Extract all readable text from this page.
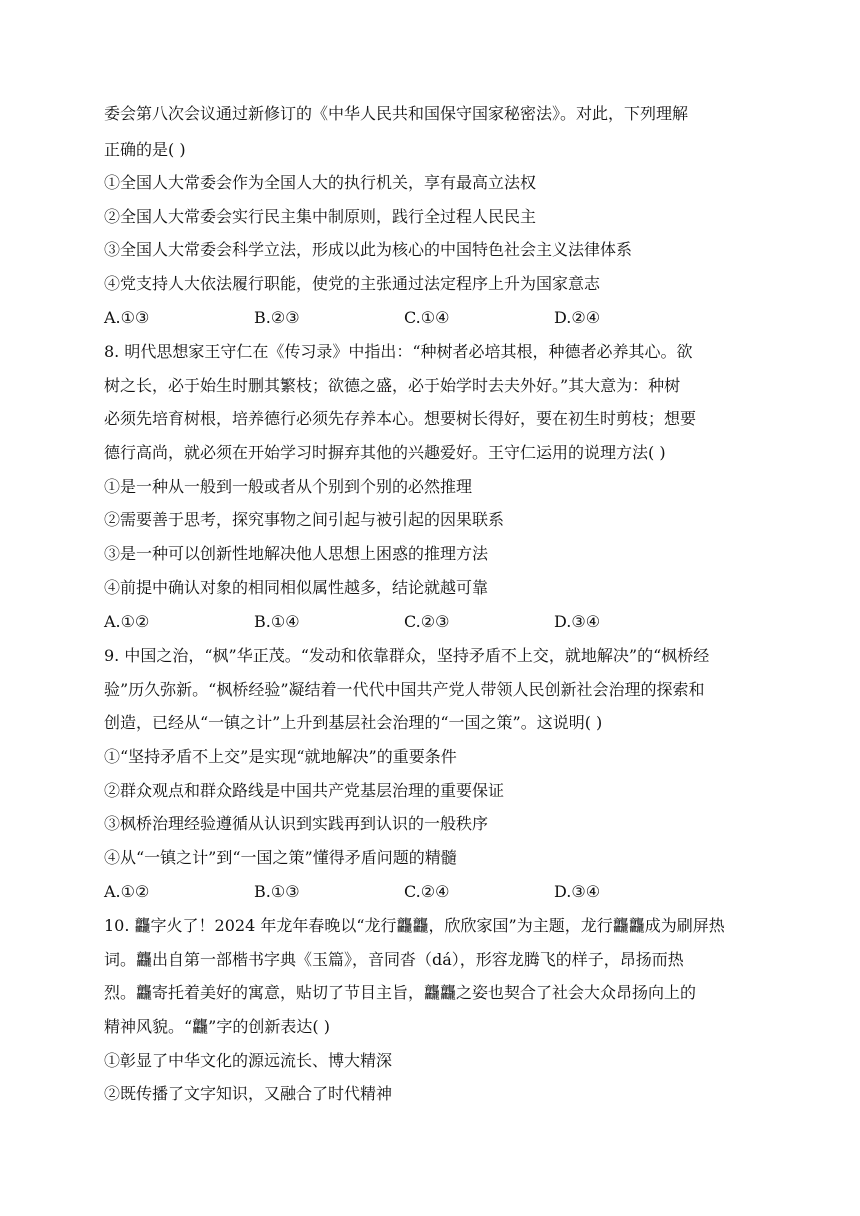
委会第八次会议通过新修订的《中华人民共和国保守国家秘密法》。对此，下列理解
正确的是( )
①全国人大常委会作为全国人大的执行机关，享有最高立法权
②全国人大常委会实行民主集中制原则，践行全过程人民民主
③全国人大常委会科学立法，形成以此为核心的中国特色社会主义法律体系
④党支持人大依法履行职能，使党的主张通过法定程序上升为国家意志
A.①③	B.②③	C.①④	D.②④
8. 明代思想家王守仁在《传习录》中指出：“种树者必培其根，种德者必养其心。欲
树之长，必于始生时删其繁枝；欲德之盛，必于始学时去夫外好。”其大意为：种树
必须先培育树根，培养德行必须先存养本心。想要树长得好，要在初生时剪枝；想要
德行高尚，就必须在开始学习时摒弃其他的兴趣爱好。王守仁运用的说理方法( )
①是一种从一般到一般或者从个别到个别的必然推理
②需要善于思考，探究事物之间引起与被引起的因果联系
③是一种可以创新性地解决他人思想上困惑的推理方法
④前提中确认对象的相同相似属性越多，结论就越可靠
A.①②	B.①④	C.②③	D.③④
9. 中国之治，“枫”华正茂。“发动和依靠群众，坚持矛盾不上交，就地解决”的“枫桥经
验”历久弥新。“枫桥经验”凝结着一代代中国共产党人带领人民创新社会治理的探索和
创造，已经从“一镇之计”上升到基层社会治理的“一国之策”。这说明( )
①“坚持矛盾不上交”是实现“就地解决”的重要条件
②群众观点和群众路线是中国共产党基层治理的重要保证
③枫桥治理经验遵循从认识到实践再到认识的一般秩序
④从“一镇之计”到“一国之策”懂得矛盾问题的精髓
A.①②	B.①③	C.②④	D.③④
10. 龘字火了！2024 年龙年春晚以“龙行龘龘，欣欣家国”为主题，龙行龘龘成为刷屏热
词。龘出自第一部楷书字典《玉篇》，音同沓（dá），形容龙腾飞的样子，昂扬而热
烈。龘寄托着美好的寓意，贴切了节目主旨，龘龘之姿也契合了社会大众昂扬向上的
精神风貌。“龘”字的创新表达( )
①彰显了中华文化的源远流长、博大精深
②既传播了文字知识，又融合了时代精神
